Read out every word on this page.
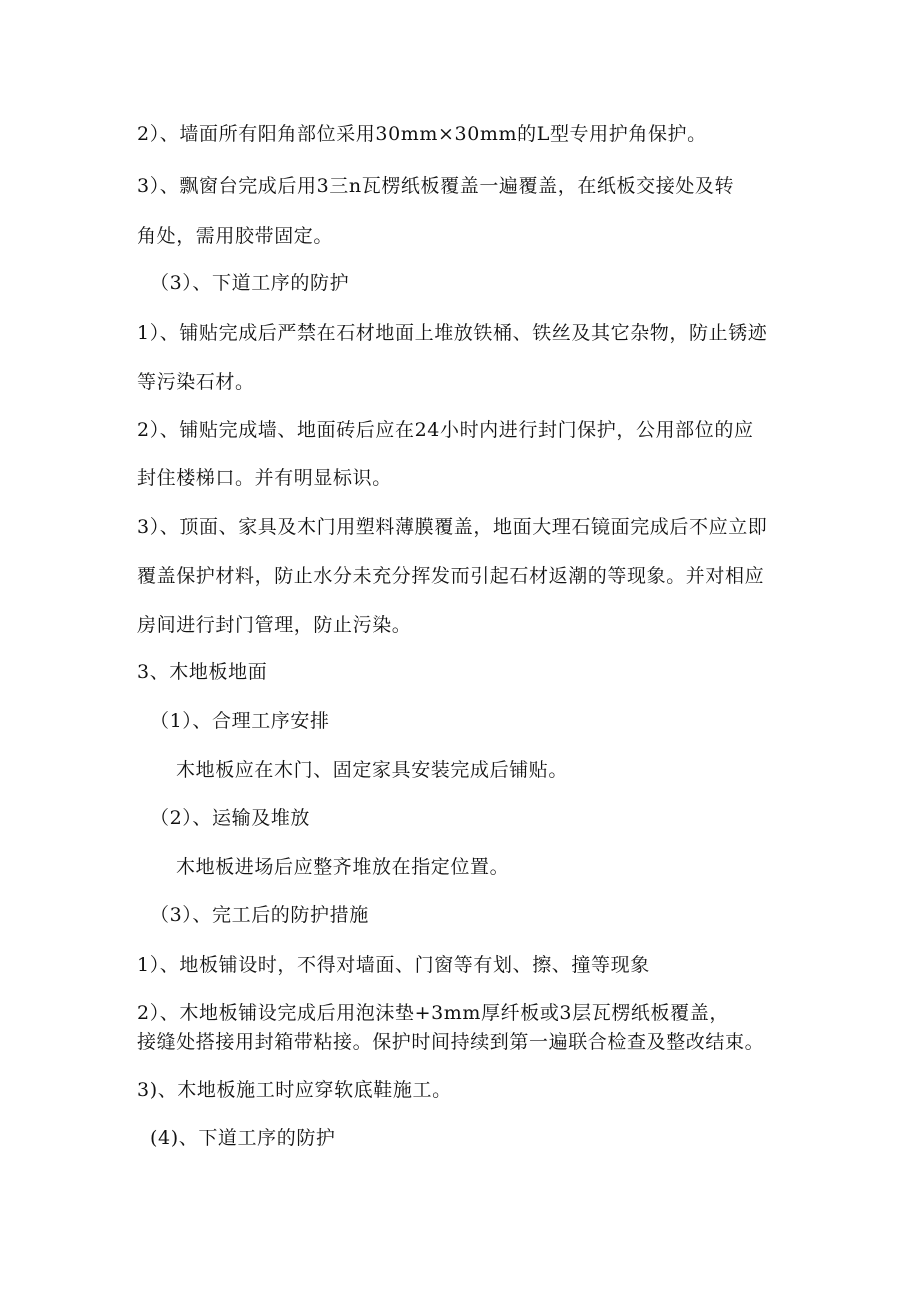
2）、墙面所有阳角部位采用30mm×30mm的L型专用护角保护。
3）、飘窗台完成后用3三n瓦楞纸板覆盖一遍覆盖，在纸板交接处及转
角处，需用胶带固定。
（3）、下道工序的防护
1）、铺贴完成后严禁在石材地面上堆放铁桶、铁丝及其它杂物，防止锈迹
等污染石材。
2）、铺贴完成墙、地面砖后应在24小时内进行封门保护，公用部位的应
封住楼梯口。并有明显标识。
3）、顶面、家具及木门用塑料薄膜覆盖，地面大理石镜面完成后不应立即
覆盖保护材料，防止水分未充分挥发而引起石材返潮的等现象。并对相应
房间进行封门管理，防止污染。
3、木地板地面
（1）、合理工序安排
木地板应在木门、固定家具安装完成后铺贴。
（2）、运输及堆放
木地板进场后应整齐堆放在指定位置。
（3）、完工后的防护措施
1）、地板铺设时，不得对墙面、门窗等有划、擦、撞等现象
2）、木地板铺设完成后用泡沫垫+3mm厚纤板或3层瓦楞纸板覆盖，
接缝处搭接用封箱带粘接。保护时间持续到第一遍联合检查及整改结束。
3)、木地板施工时应穿软底鞋施工。
(4)、下道工序的防护
